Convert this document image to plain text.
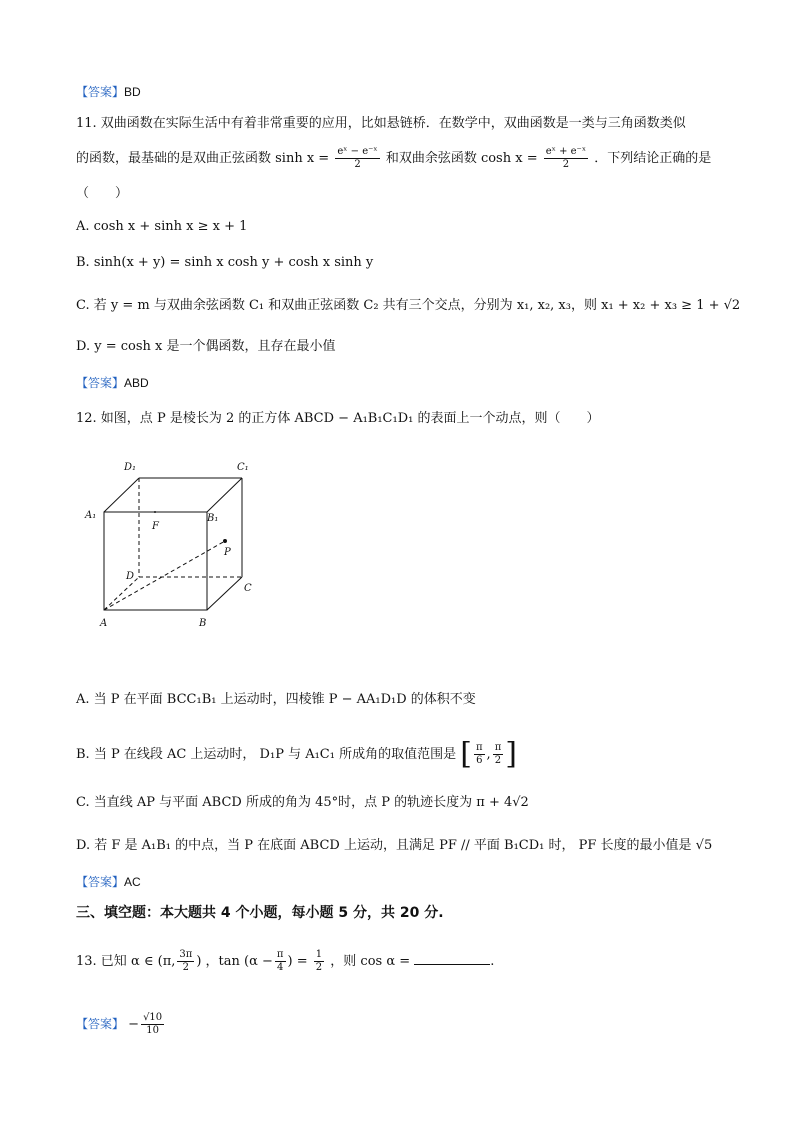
【答案】BD
11. 双曲函数在实际生活中有着非常重要的应用，比如悬链桥．在数学中，双曲函数是一类与三角函数类似
的函数，最基础的是双曲正弦函数 $\sinh x = \frac{\text{eˣ − e⁻ˣ}}{2}$ 和双曲余弦函数 $\cosh x = \frac{\text{eˣ + e⁻ˣ}}{2}$ ．下列结论正确的是
（　　）
A. cosh x + sinh x ≥ x + 1
B. sinh(x + y) = sinh x cosh y + cosh x sinh y
C. 若 y = m 与双曲余弦函数 C₁ 和双曲正弦函数 C₂ 共有三个交点，分别为 x₁, x₂, x₃，则 x₁ + x₂ + x₃ ≥ 1 + √2
D. y = cosh x 是一个偶函数，且存在最小值
【答案】ABD
12. 如图，点 P 是棱长为 2 的正方体 ABCD − A₁B₁C₁D₁ 的表面上一个动点，则（　　）
D₁	C₁
A₁	B₁
F
P
D
C
A	B
A. 当 P 在平面 BCC₁B₁ 上运动时，四棱锥 P − AA₁D₁D 的体积不变
B. 当 P 在线段 AC 上运动时， D₁P 与 A₁C₁ 所成角的取值范围是 [ $\frac{\pi}{6}$ , $\frac{\pi}{2}$ ]
C. 当直线 AP 与平面 ABCD 所成的角为 45°时，点 P 的轨迹长度为 π + 4√2
D. 若 F 是 A₁B₁ 的中点，当 P 在底面 ABCD 上运动，且满足 PF // 平面 B₁CD₁ 时， PF 长度的最小值是 √5
【答案】AC
三、填空题：本大题共 4 个小题，每小题 5 分，共 20 分.
13. 已知 α ∈ (π, $\frac{3\pi}{2}$ ) ，$\tan (\alpha - \frac{\pi}{4}$ ) = $\frac{1}{2}$ ，则 cos α =	.
【答案】 − $\frac{√10}{10}$
